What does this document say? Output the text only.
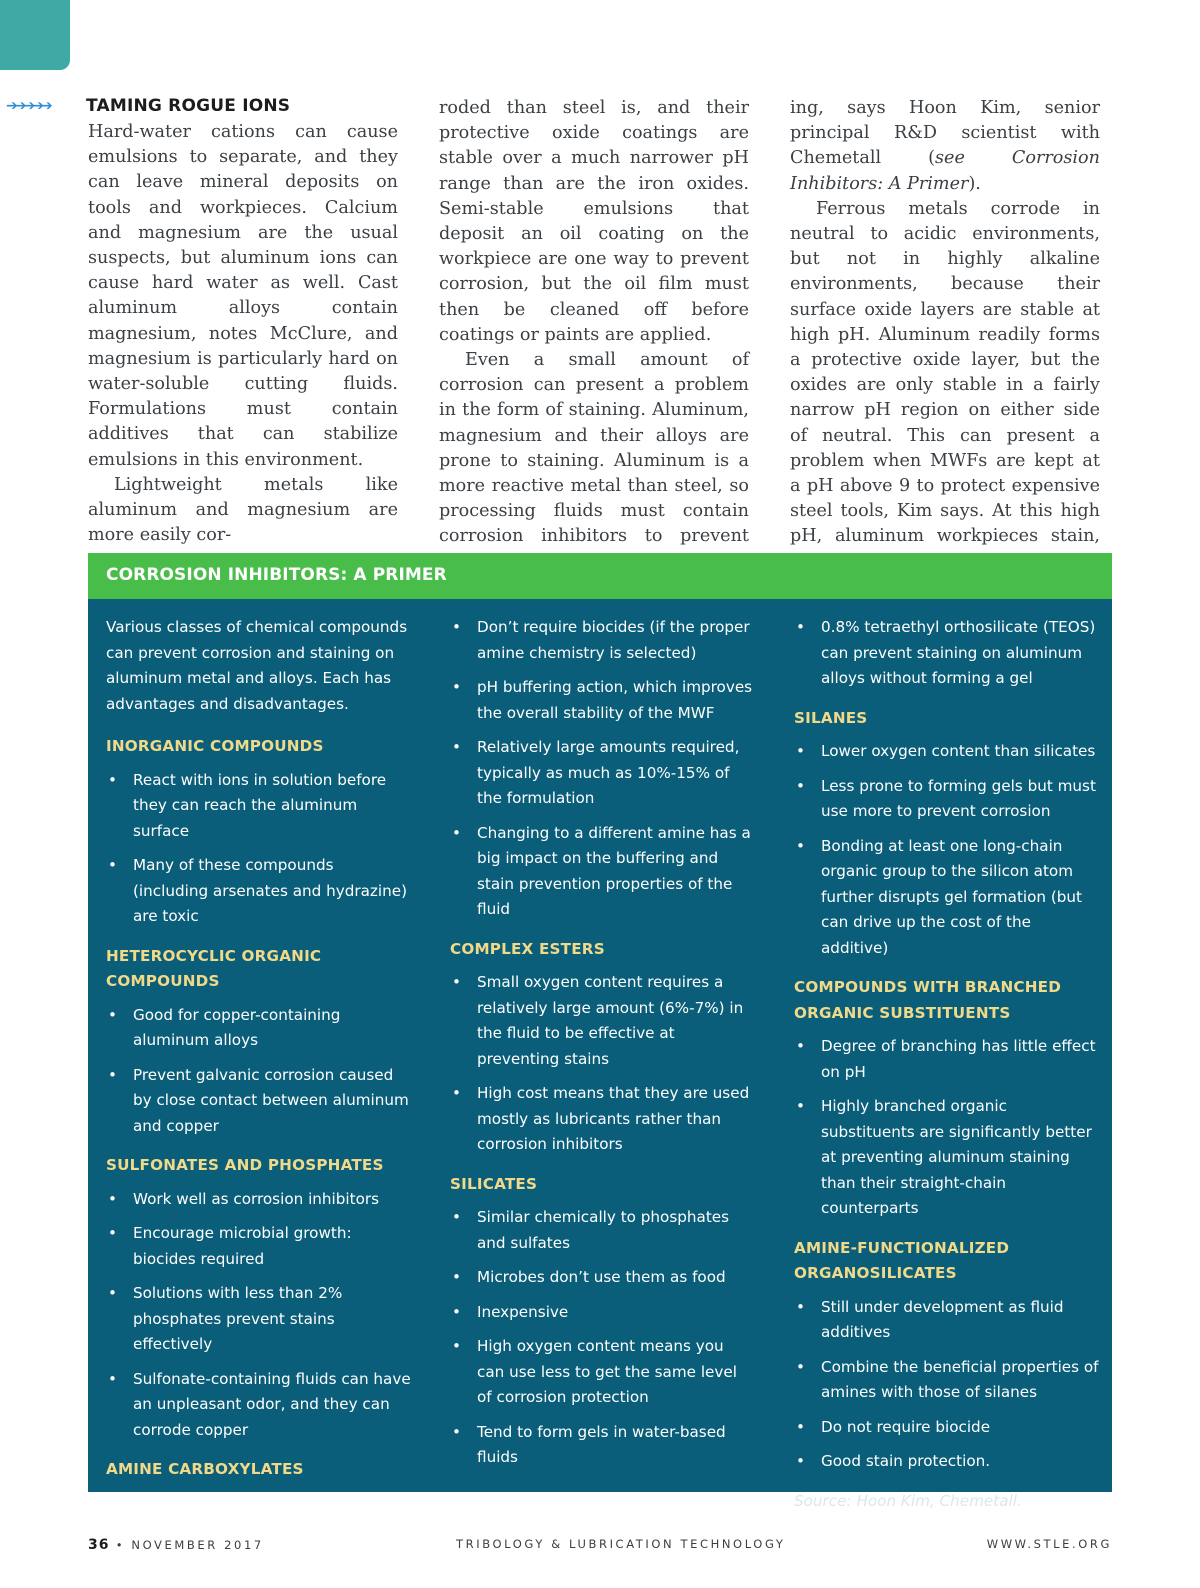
➔➔➔➔➔	TAMING ROGUE IONS

Hard-water cations can cause emulsions to separate, and they can leave mineral deposits on tools and workpieces. Calcium and magnesium are the usual suspects, but aluminum ions can cause hard water as well. Cast aluminum alloys contain magnesium, notes McClure, and magnesium is particularly hard on water-soluble cutting fluids. Formulations must contain additives that can stabilize emulsions in this environment.

Lightweight metals like aluminum and magnesium are more easily cor-

roded than steel is, and their protective oxide coatings are stable over a much narrower pH range than are the iron oxides. Semi-stable emulsions that deposit an oil coating on the workpiece are one way to prevent corrosion, but the oil film must then be cleaned off before coatings or paints are applied.

Even a small amount of corrosion can present a problem in the form of staining. Aluminum, magnesium and their alloys are prone to staining. Aluminum is a more reactive metal than steel, so processing fluids must contain corrosion inhibitors to prevent

ing, says Hoon Kim, senior principal R&D scientist with Chemetall (see Corrosion Inhibitors: A Primer).

Ferrous metals corrode in neutral to acidic environments, but not in highly alkaline environments, because their surface oxide layers are stable at high pH. Aluminum readily forms a protective oxide layer, but the oxides are only stable in a fairly narrow pH region on either side of neutral. This can present a problem when MWFs are kept at a pH above 9 to protect expensive steel tools, Kim says. At this high pH, aluminum workpieces stain,

CORROSION INHIBITORS: A PRIMER

Various classes of chemical compounds can prevent corrosion and staining on aluminum metal and alloys. Each has advantages and disadvantages.

INORGANIC COMPOUNDS
• React with ions in solution before they can reach the aluminum surface
• Many of these compounds (including arsenates and hydrazine) are toxic
HETEROCYCLIC ORGANIC COMPOUNDS
• Good for copper-containing aluminum alloys
• Prevent galvanic corrosion caused by close contact between aluminum and copper
SULFONATES AND PHOSPHATES
• Work well as corrosion inhibitors
• Encourage microbial growth: biocides required
• Solutions with less than 2% phosphates prevent stains effectively
• Sulfonate-containing fluids can have an unpleasant odor, and they can corrode copper
AMINE CARBOXYLATES
• Very effective at keeping aluminum from staining
• Don’t require biocides (if the proper amine chemistry is selected)
• pH buffering action, which improves the overall stability of the MWF
• Relatively large amounts required, typically as much as 10%-15% of the formulation
• Changing to a different amine has a big impact on the buffering and stain prevention properties of the fluid
COMPLEX ESTERS
• Small oxygen content requires a relatively large amount (6%-7%) in the fluid to be effective at preventing stains
• High cost means that they are used mostly as lubricants rather than corrosion inhibitors
SILICATES
• Similar chemically to phosphates and sulfates
• Microbes don’t use them as food
• Inexpensive
• High oxygen content means you can use less to get the same level of corrosion protection
• Tend to form gels in water-based fluids
• 0.8% tetraethyl orthosilicate (TEOS) can prevent staining on aluminum alloys without forming a gel
SILANES
• Lower oxygen content than silicates
• Less prone to forming gels but must use more to prevent corrosion
• Bonding at least one long-chain organic group to the silicon atom further disrupts gel formation (but can drive up the cost of the additive)
COMPOUNDS WITH BRANCHED ORGANIC SUBSTITUENTS
• Degree of branching has little effect on pH
• Highly branched organic substituents are significantly better at preventing aluminum staining than their straight-chain counterparts
AMINE-FUNCTIONALIZED ORGANOSILICATES
• Still under development as fluid additives
• Combine the beneficial properties of amines with those of silanes
• Do not require biocide
• Good stain protection.
Source: Hoon Kim, Chemetall.
36 • NOVEMBER 2017	TRIBOLOGY & LUBRICATION TECHNOLOGY	WWW.STLE.ORG
